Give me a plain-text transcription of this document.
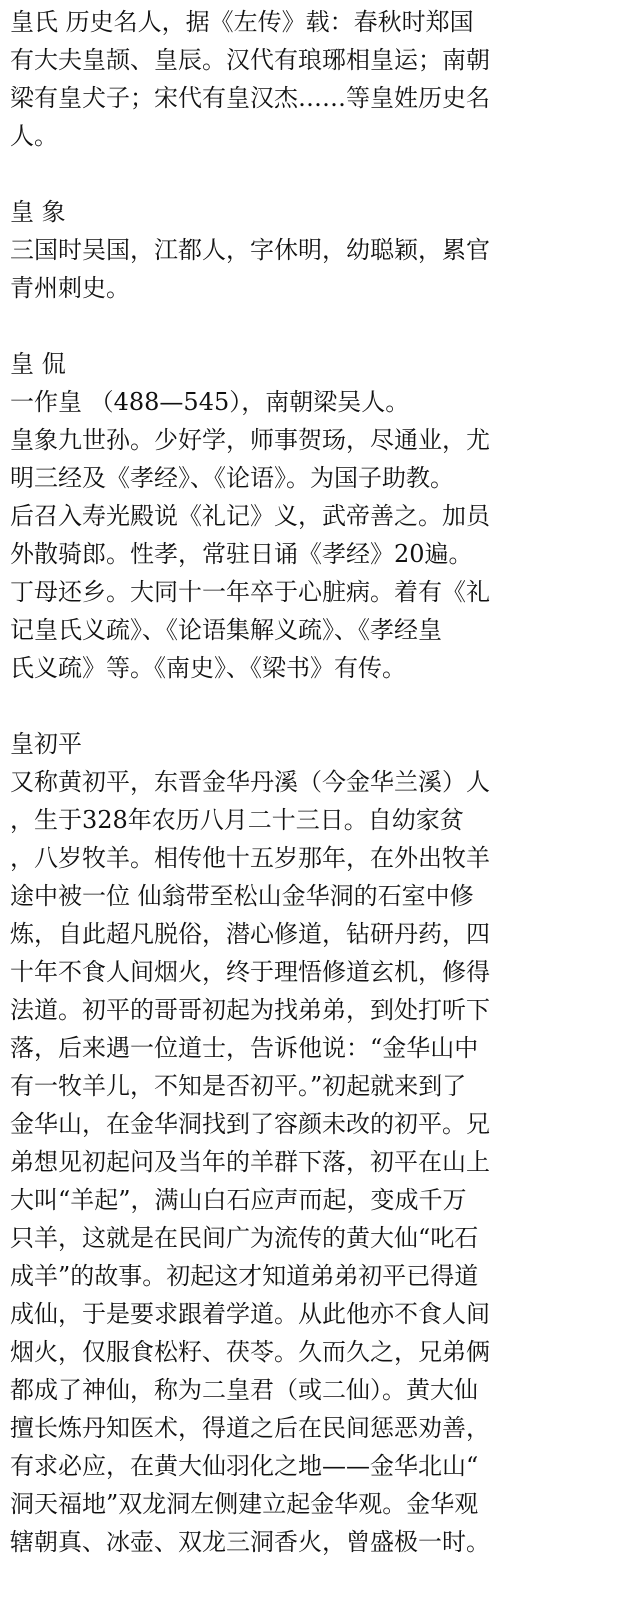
皇氏 历史名人，据《左传》载：春秋时郑国
有大夫皇颉、皇辰。汉代有琅琊相皇运；南朝
梁有皇犬子；宋代有皇汉杰……等皇姓历史名
人。
皇 象
三国时吴国，江都人，字休明，幼聪颖，累官
青州刺史。
皇 侃
一作皇 （488—545），南朝梁吴人。
皇象九世孙。少好学，师事贺玚，尽通业，尤
明三经及《孝经》、《论语》。为国子助教。
后召入寿光殿说《礼记》义，武帝善之。加员
外散骑郎。性孝，常驻日诵《孝经》20遍。
丁母还乡。大同十一年卒于心脏病。着有《礼
记皇氏义疏》、《论语集解义疏》、《孝经皇
氏义疏》等。《南史》、《梁书》有传。
皇初平
又称黄初平，东晋金华丹溪（今金华兰溪）人
，生于328年农历八月二十三日。自幼家贫
，八岁牧羊。相传他十五岁那年，在外出牧羊
途中被一位 仙翁带至松山金华洞的石室中修
炼，自此超凡脱俗，潜心修道，钻研丹药，四
十年不食人间烟火，终于理悟修道玄机，修得
法道。初平的哥哥初起为找弟弟，到处打听下
落，后来遇一位道士，告诉他说：“金华山中
有一牧羊儿，不知是否初平。”初起就来到了
金华山，在金华洞找到了容颜未改的初平。兄
弟想见初起问及当年的羊群下落，初平在山上
大叫“羊起”，满山白石应声而起，变成千万
只羊，这就是在民间广为流传的黄大仙“叱石
成羊”的故事。初起这才知道弟弟初平已得道
成仙，于是要求跟着学道。从此他亦不食人间
烟火，仅服食松籽、茯苓。久而久之，兄弟俩
都成了神仙，称为二皇君（或二仙）。黄大仙
擅长炼丹知医术，得道之后在民间惩恶劝善，
有求必应，在黄大仙羽化之地——金华北山“
洞天福地”双龙洞左侧建立起金华观。金华观
辖朝真、冰壶、双龙三洞香火，曾盛极一时。
